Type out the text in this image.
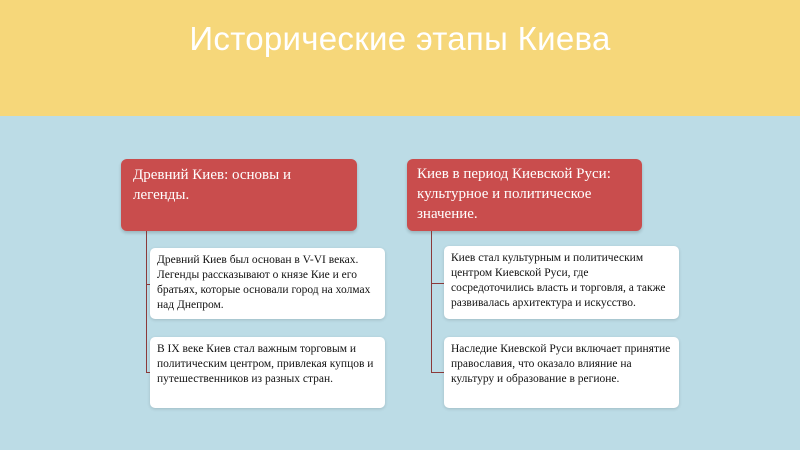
Исторические этапы Киева
Древний Киев: основы и легенды.
Древний Киев был основан в V-VI веках. Легенды рассказывают о князе Кие и его братьях, которые основали город на холмах над Днепром.
В IX веке Киев стал важным торговым и политическим центром, привлекая купцов и путешественников из разных стран.
Киев в период Киевской Руси: культурное и политическое значение.
Киев стал культурным и политическим центром Киевской Руси, где сосредоточились власть и торговля, а также развивалась архитектура и искусство.
Наследие Киевской Руси включает принятие православия, что оказало влияние на культуру и образование в регионе.
